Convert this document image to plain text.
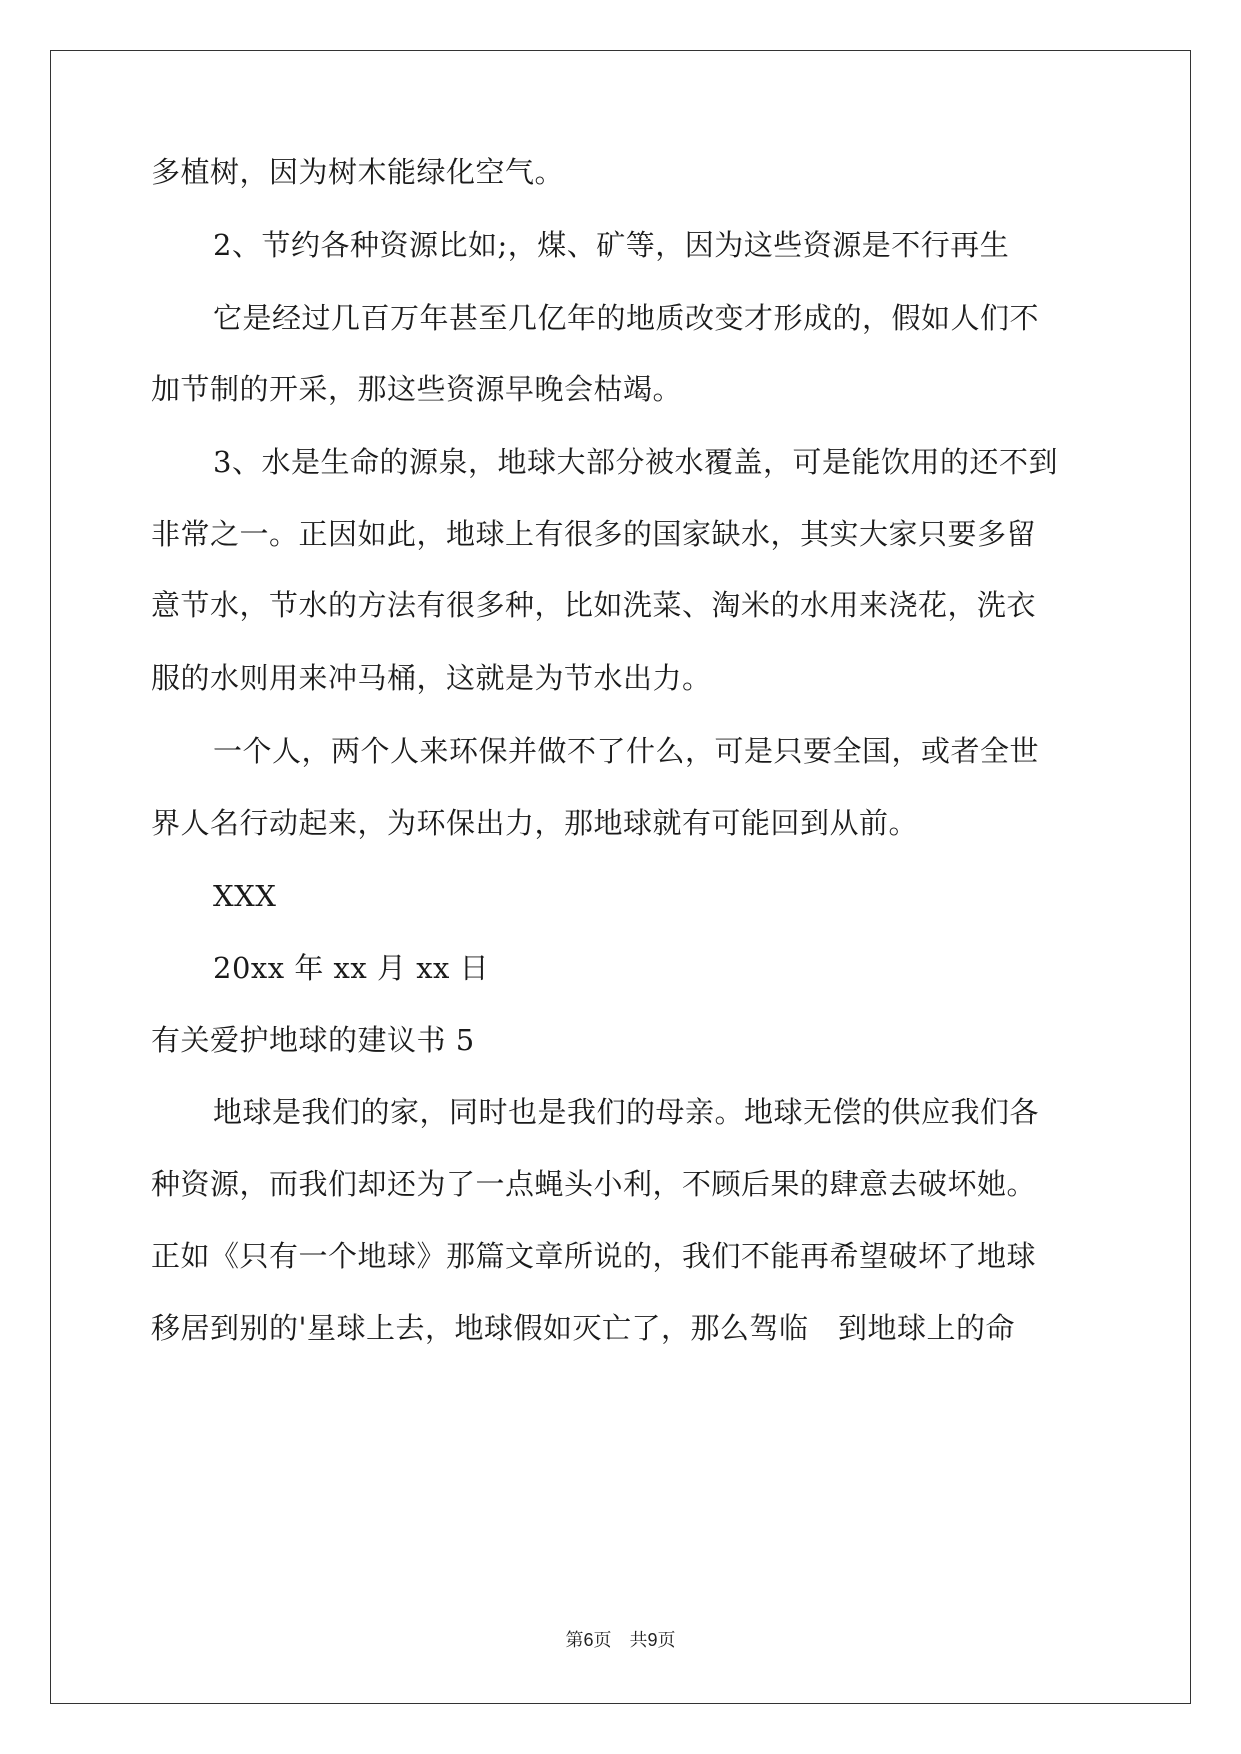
多植树，因为树木能绿化空气。
2、节约各种资源比如;，煤、矿等，因为这些资源是不行再生
它是经过几百万年甚至几亿年的地质改变才形成的，假如人们不
加节制的开采，那这些资源早晚会枯竭。
3、水是生命的源泉，地球大部分被水覆盖，可是能饮用的还不到
非常之一。正因如此，地球上有很多的国家缺水，其实大家只要多留
意节水，节水的方法有很多种，比如洗菜、淘米的水用来浇花，洗衣
服的水则用来冲马桶，这就是为节水出力。
一个人，两个人来环保并做不了什么，可是只要全国，或者全世
界人名行动起来，为环保出力，那地球就有可能回到从前。
XXX
20xx 年 xx 月 xx 日
有关爱护地球的建议书 5
地球是我们的家，同时也是我们的母亲。地球无偿的供应我们各
种资源，而我们却还为了一点蝇头小利，不顾后果的肆意去破坏她。
正如《只有一个地球》那篇文章所说的，我们不能再希望破坏了地球
移居到别的'星球上去，地球假如灭亡了，那么驾临　到地球上的命
第6页　共9页
